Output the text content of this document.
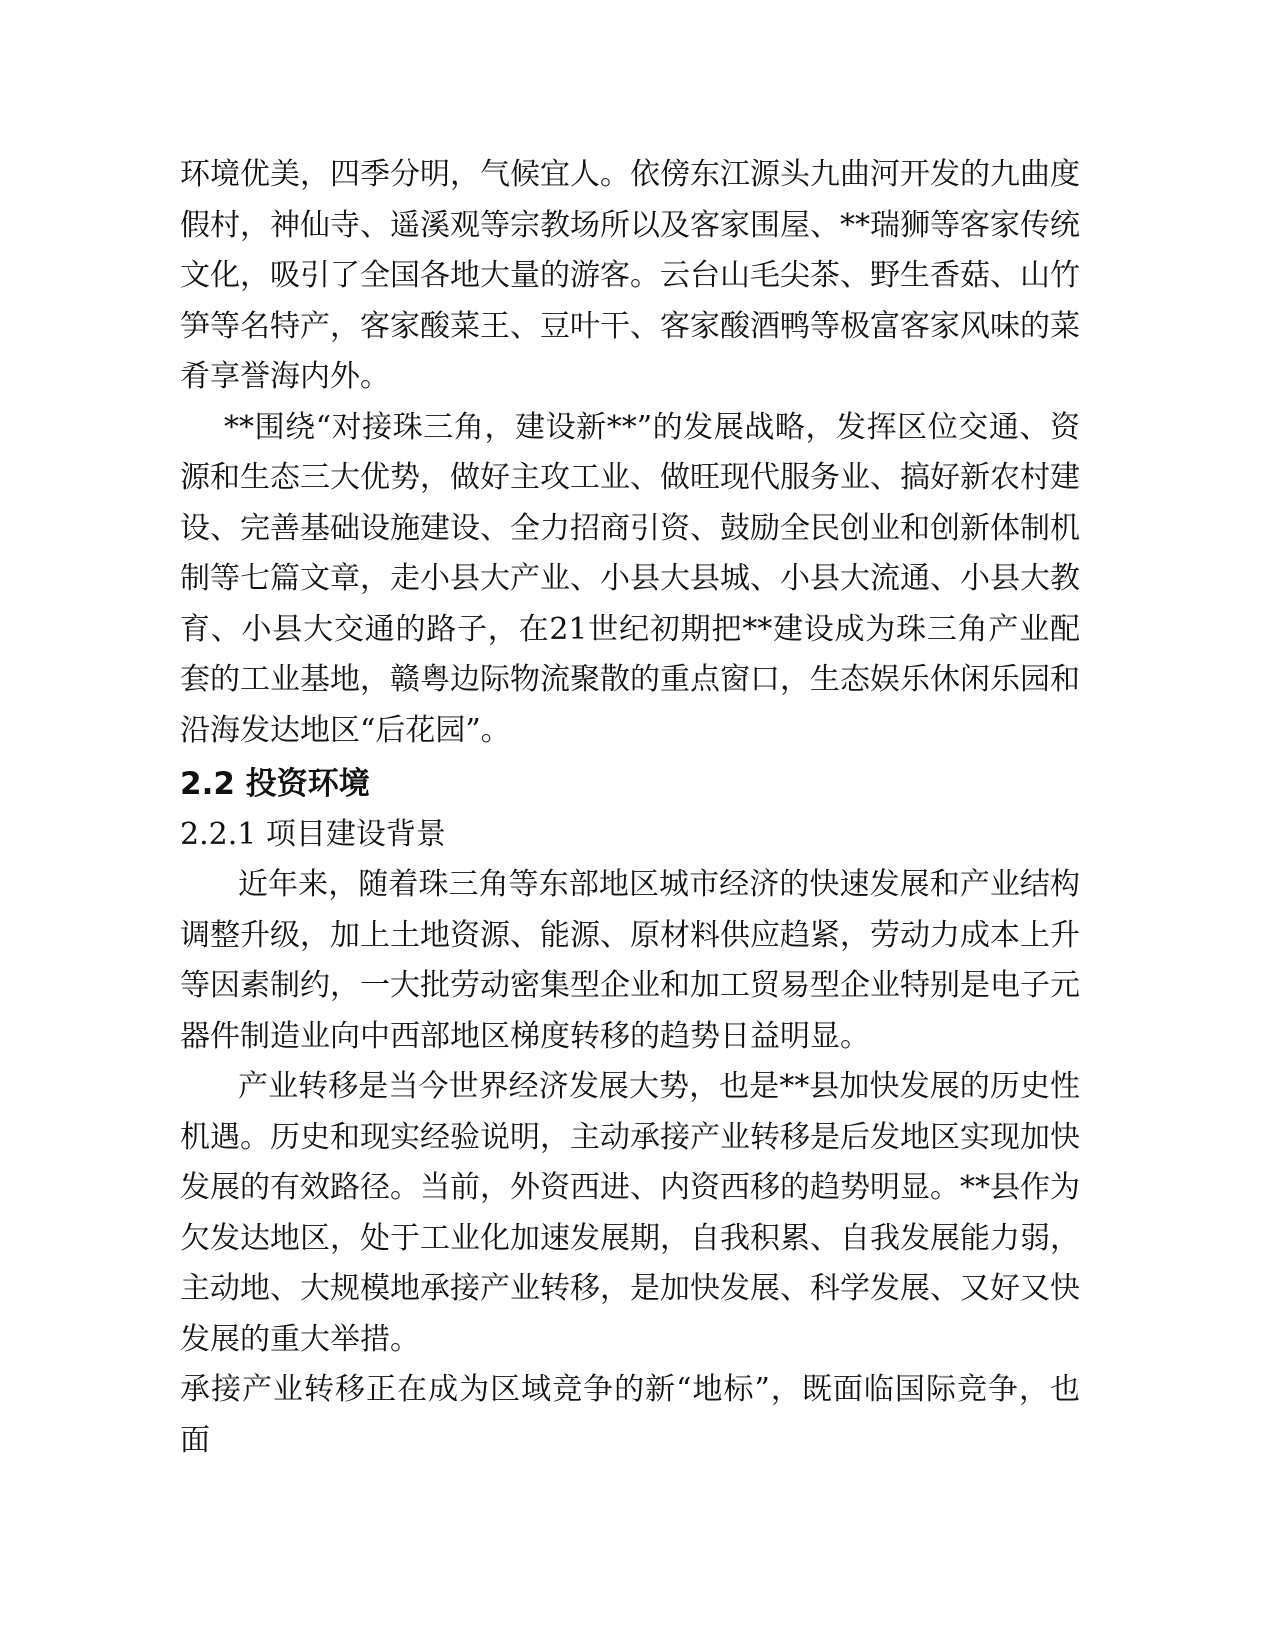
环境优美，四季分明，气候宜人。依傍东江源头九曲河开发的九曲度假村，神仙寺、遥溪观等宗教场所以及客家围屋、**瑞狮等客家传统文化，吸引了全国各地大量的游客。云台山毛尖茶、野生香菇、山竹笋等名特产，客家酸菜王、豆叶干、客家酸酒鸭等极富客家风味的菜肴享誉海内外。

**围绕“对接珠三角，建设新**”的发展战略，发挥区位交通、资源和生态三大优势，做好主攻工业、做旺现代服务业、搞好新农村建设、完善基础设施建设、全力招商引资、鼓励全民创业和创新体制机制等七篇文章，走小县大产业、小县大县城、小县大流通、小县大教育、小县大交通的路子，在21世纪初期把**建设成为珠三角产业配套的工业基地，赣粤边际物流聚散的重点窗口，生态娱乐休闲乐园和沿海发达地区“后花园”。

2.2 投资环境
2.2.1 项目建设背景

近年来，随着珠三角等东部地区城市经济的快速发展和产业结构调整升级，加上土地资源、能源、原材料供应趋紧，劳动力成本上升等因素制约，一大批劳动密集型企业和加工贸易型企业特别是电子元器件制造业向中西部地区梯度转移的趋势日益明显。

产业转移是当今世界经济发展大势，也是**县加快发展的历史性机遇。历史和现实经验说明，主动承接产业转移是后发地区实现加快发展的有效路径。当前，外资西进、内资西移的趋势明显。**县作为欠发达地区，处于工业化加速发展期，自我积累、自我发展能力弱，主动地、大规模地承接产业转移，是加快发展、科学发展、又好又快发展的重大举措。

承接产业转移正在成为区域竞争的新“地标”，既面临国际竞争，也面
